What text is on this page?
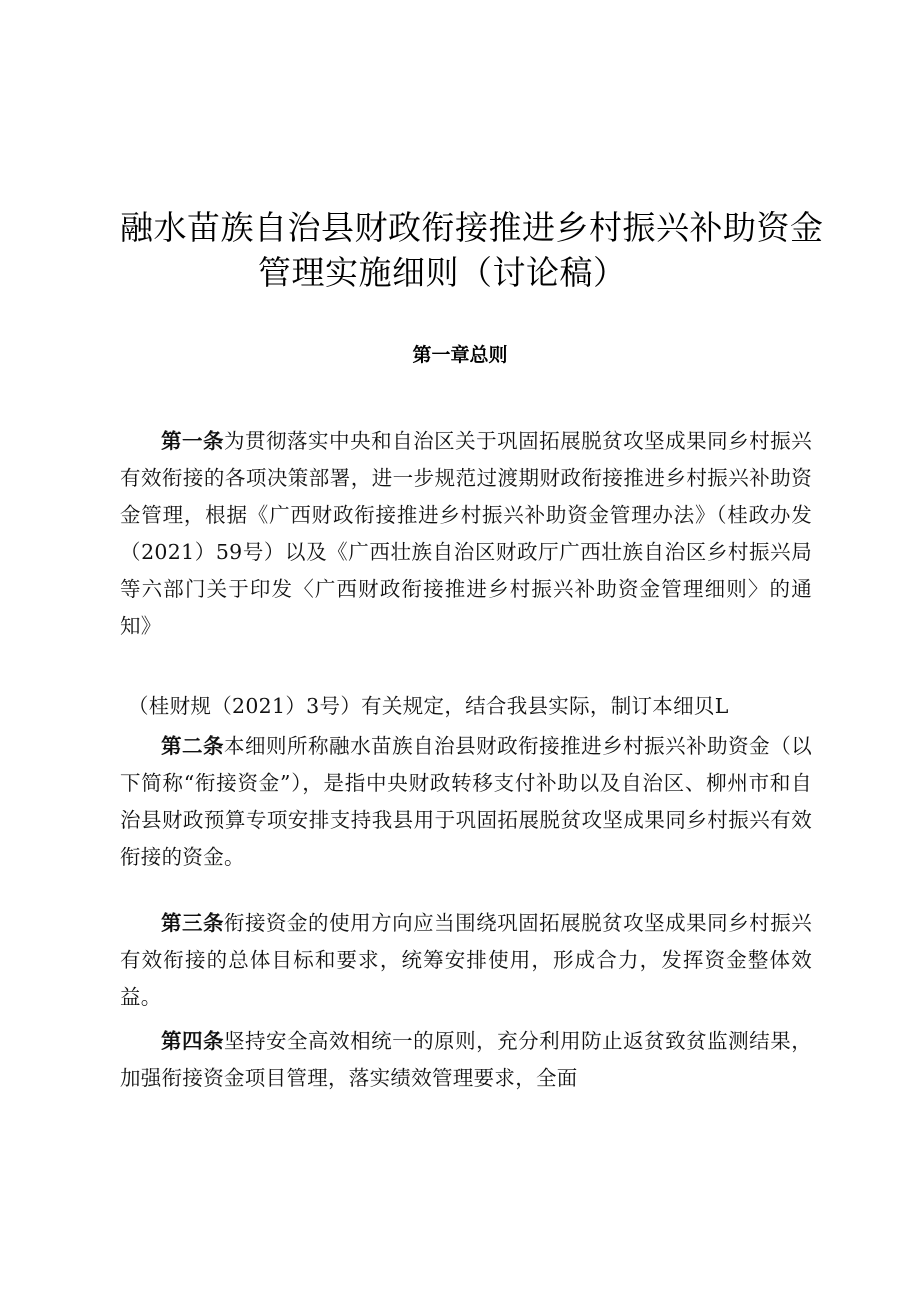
融水苗族自治县财政衔接推进乡村振兴补助资金
管理实施细则（讨论稿）
第一章总则
第一条为贯彻落实中央和自治区关于巩固拓展脱贫攻坚成果同乡村振兴有效衔接的各项决策部署，进一步规范过渡期财政衔接推进乡村振兴补助资金管理，根据《广西财政衔接推进乡村振兴补助资金管理办法》（桂政办发（2021）59号）以及《广西壮族自治区财政厅广西壮族自治区乡村振兴局等六部门关于印发〈广西财政衔接推进乡村振兴补助资金管理细则〉的通知》
（桂财规（2021）3号）有关规定，结合我县实际，制订本细贝L
第二条本细则所称融水苗族自治县财政衔接推进乡村振兴补助资金（以下简称“衔接资金”），是指中央财政转移支付补助以及自治区、柳州市和自治县财政预算专项安排支持我县用于巩固拓展脱贫攻坚成果同乡村振兴有效衔接的资金。
第三条衔接资金的使用方向应当围绕巩固拓展脱贫攻坚成果同乡村振兴有效衔接的总体目标和要求，统筹安排使用，形成合力，发挥资金整体效益。
第四条坚持安全高效相统一的原则，充分利用防止返贫致贫监测结果，加强衔接资金项目管理，落实绩效管理要求，全面
